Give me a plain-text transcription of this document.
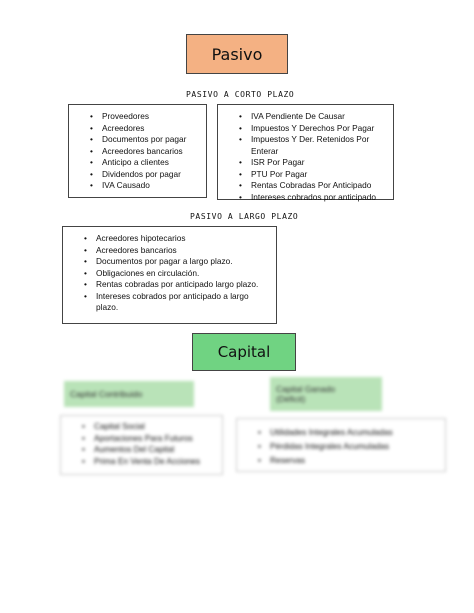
Pasivo
PASIVO A CORTO PLAZO
• Proveedores
• Acreedores
• Documentos por pagar
• Acreedores bancarios
• Anticipo a clientes
• Dividendos por pagar
• IVA Causado
• IVA Pendiente De Causar
• Impuestos Y Derechos Por Pagar
• Impuestos Y Der. Retenidos Por Enterar
• ISR Por Pagar
• PTU Por Pagar
• Rentas Cobradas Por Anticipado
• Intereses cobrados por anticipado
PASIVO A LARGO PLAZO
• Acreedores hipotecarios
• Acreedores bancarios
• Documentos por pagar a largo plazo.
• Obligaciones en circulación.
• Rentas cobradas por anticipado largo plazo.
• Intereses cobrados por anticipado a largo plazo.
Capital
Capital Contribuido
• Capital Social
• Aportaciones Para Futuros
• Aumentos Del Capital
• Prima En Venta De Acciones
Capital Ganado
(Déficit)
• Utilidades Integrales Acumuladas
• Pérdidas Integrales Acumuladas
• Reservas
